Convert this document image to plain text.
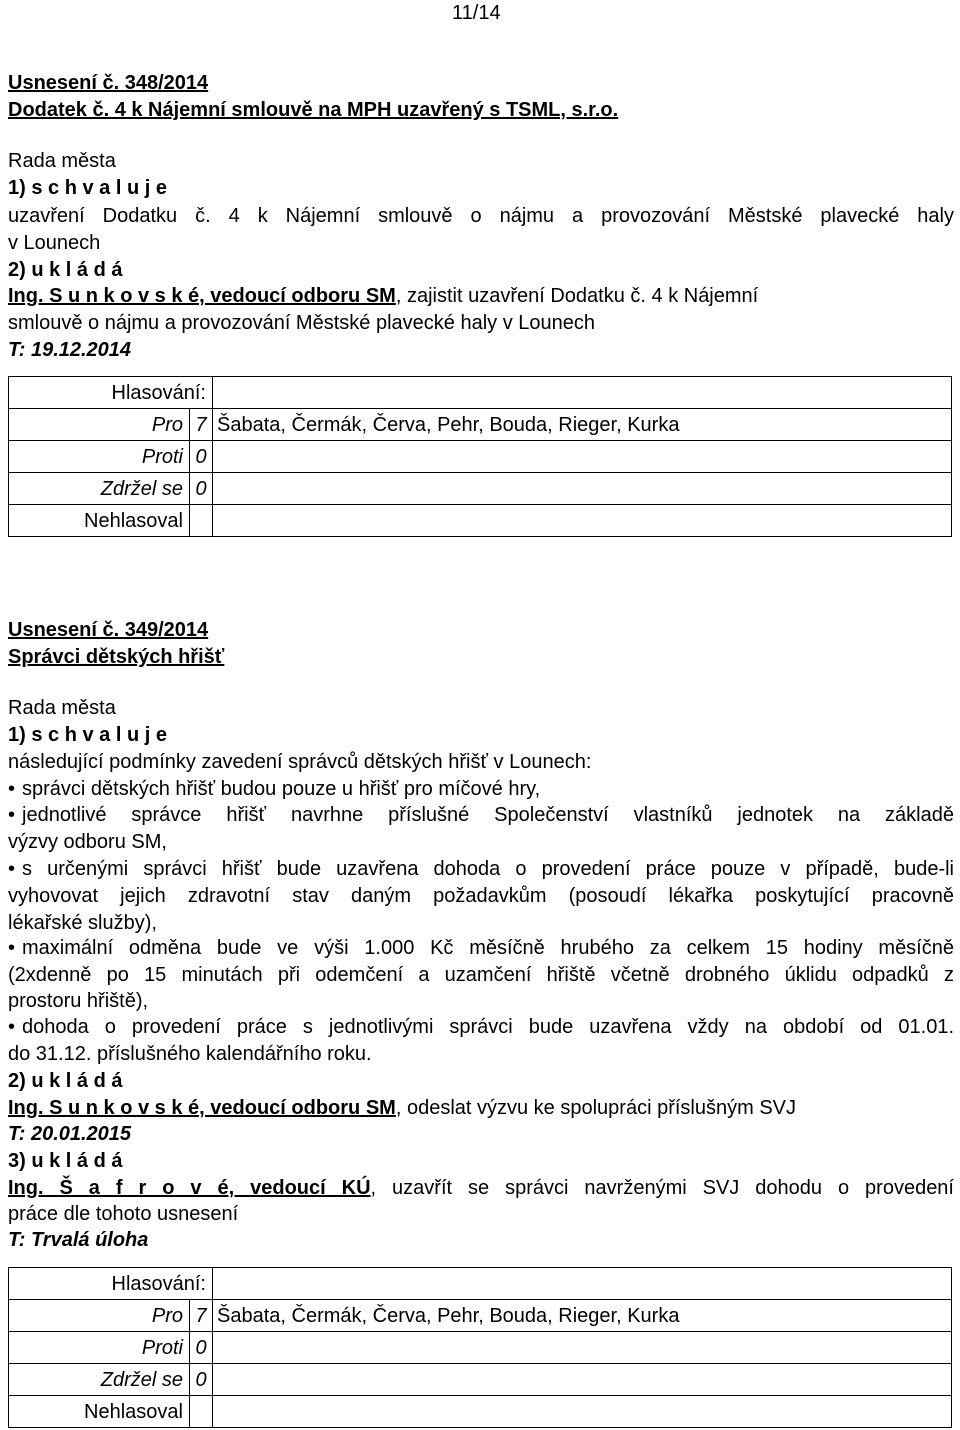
11/14
Usnesení č. 348/2014
Dodatek č. 4 k Nájemní smlouvě na MPH uzavřený s TSML, s.r.o.
Rada města
1) s c h v a l u j e
uzavření Dodatku č. 4 k Nájemní smlouvě o nájmu a provozování Městské plavecké haly
v Lounech
2) u k l á d á
Ing. S u n k o v s k é, vedoucí odboru SM, zajistit uzavření Dodatku č. 4 k Nájemní
smlouvě o nájmu a provozování Městské plavecké haly v Lounech
T: 19.12.2014
Hlasování:		
Pro	7	Šabata, Čermák, Červa, Pehr, Bouda, Rieger, Kurka
Proti	0	
Zdržel se	0	
Nehlasoval		
Usnesení č. 349/2014
Správci dětských hřišť
Rada města
1) s c h v a l u j e
následující podmínky zavedení správců dětských hřišť v Lounech:
• správci dětských hřišť budou pouze u hřišť pro míčové hry,
• jednotlivé správce hřišť navrhne příslušné Společenství vlastníků jednotek na základě
výzvy odboru SM,
• s určenými správci hřišť bude uzavřena dohoda o provedení práce pouze v případě, bude-li
vyhovovat jejich zdravotní stav daným požadavkům (posoudí lékařka poskytující pracovně
lékařské služby),
• maximální odměna bude ve výši 1.000 Kč měsíčně hrubého za celkem 15 hodiny měsíčně
(2xdenně po 15 minutách při odemčení a uzamčení hřiště včetně drobného úklidu odpadků z
prostoru hřiště),
• dohoda o provedení práce s jednotlivými správci bude uzavřena vždy na období od 01.01.
do 31.12. příslušného kalendářního roku.
2) u k l á d á
Ing. S u n k o v s k é, vedoucí odboru SM, odeslat výzvu ke spolupráci příslušným SVJ
T: 20.01.2015
3) u k l á d á
Ing. Š a f r o v é, vedoucí KÚ, uzavřít se správci navrženými SVJ dohodu o provedení
práce dle tohoto usnesení
T: Trvalá úloha
Hlasování:		
Pro	7	Šabata, Čermák, Červa, Pehr, Bouda, Rieger, Kurka
Proti	0	
Zdržel se	0	
Nehlasoval		
